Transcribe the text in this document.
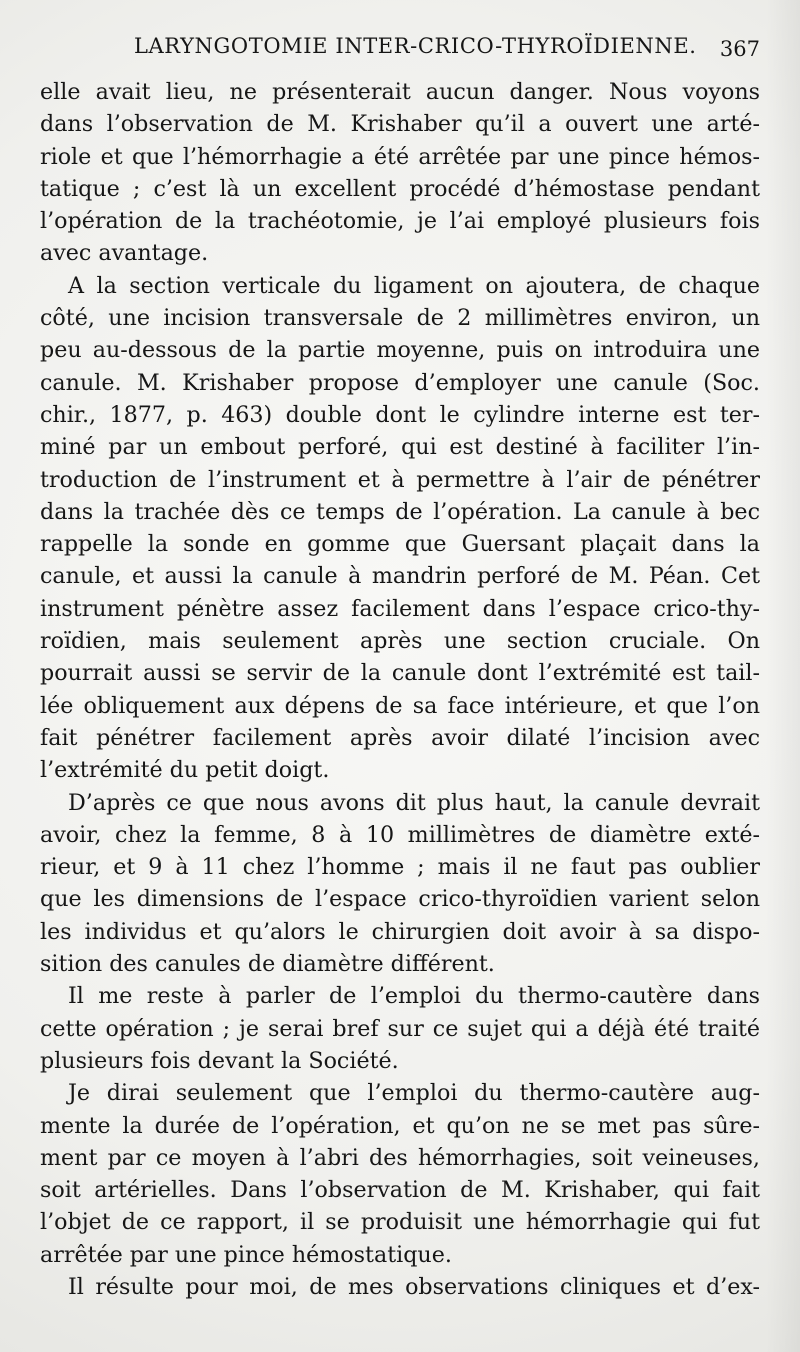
LARYNGOTOMIE INTER-CRICO-THYROÏDIENNE. 367
elle avait lieu, ne présenterait aucun danger. Nous voyons
dans l’observation de M. Krishaber qu’il a ouvert une arté-
riole et que l’hémorrhagie a été arrêtée par une pince hémos-
tatique ; c’est là un excellent procédé d’hémostase pendant
l’opération de la trachéotomie, je l’ai employé plusieurs fois
avec avantage.
A la section verticale du ligament on ajoutera, de chaque
côté, une incision transversale de 2 millimètres environ, un
peu au-dessous de la partie moyenne, puis on introduira une
canule. M. Krishaber propose d’employer une canule (Soc.
chir., 1877, p. 463) double dont le cylindre interne est ter-
miné par un embout perforé, qui est destiné à faciliter l’in-
troduction de l’instrument et à permettre à l’air de pénétrer
dans la trachée dès ce temps de l’opération. La canule à bec
rappelle la sonde en gomme que Guersant plaçait dans la
canule, et aussi la canule à mandrin perforé de M. Péan. Cet
instrument pénètre assez facilement dans l’espace crico-thy-
roïdien, mais seulement après une section cruciale. On
pourrait aussi se servir de la canule dont l’extrémité est tail-
lée obliquement aux dépens de sa face intérieure, et que l’on
fait pénétrer facilement après avoir dilaté l’incision avec
l’extrémité du petit doigt.
D’après ce que nous avons dit plus haut, la canule devrait
avoir, chez la femme, 8 à 10 millimètres de diamètre exté-
rieur, et 9 à 11 chez l’homme ; mais il ne faut pas oublier
que les dimensions de l’espace crico-thyroïdien varient selon
les individus et qu’alors le chirurgien doit avoir à sa dispo-
sition des canules de diamètre différent.
Il me reste à parler de l’emploi du thermo-cautère dans
cette opération ; je serai bref sur ce sujet qui a déjà été traité
plusieurs fois devant la Société.
Je dirai seulement que l’emploi du thermo-cautère aug-
mente la durée de l’opération, et qu’on ne se met pas sûre-
ment par ce moyen à l’abri des hémorrhagies, soit veineuses,
soit artérielles. Dans l’observation de M. Krishaber, qui fait
l’objet de ce rapport, il se produisit une hémorrhagie qui fut
arrêtée par une pince hémostatique.
Il résulte pour moi, de mes observations cliniques et d’ex-
